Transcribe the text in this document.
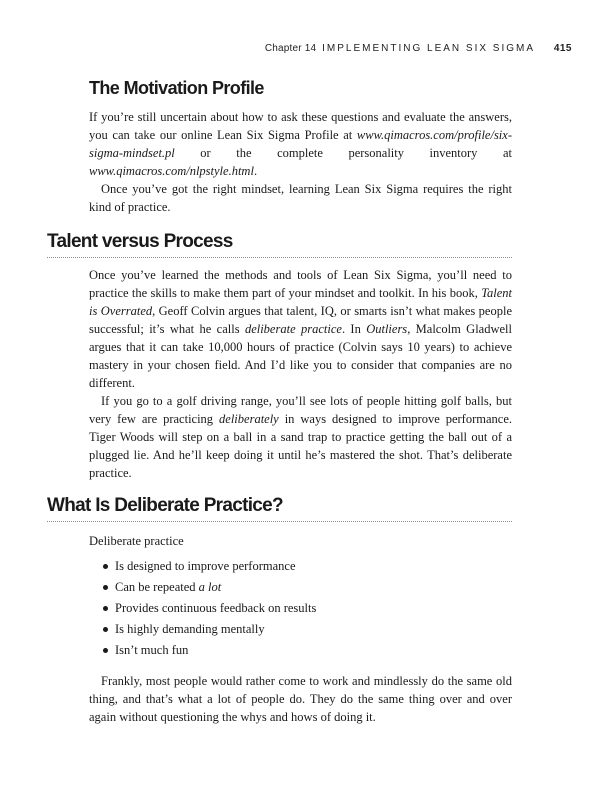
Chapter 14 IMPLEMENTING LEAN SIX SIGMA 415
The Motivation Profile

If you’re still uncertain about how to ask these questions and evaluate the answers, you can take our online Lean Six Sigma Profile at www.qimacros.com/profile/six-sigma-mindset.pl or the complete personality inventory at www.qimacros.com/nlpstyle.html.

Once you’ve got the right mindset, learning Lean Six Sigma requires the right kind of practice.

Talent versus Process

Once you’ve learned the methods and tools of Lean Six Sigma, you’ll need to practice the skills to make them part of your mindset and toolkit. In his book, Talent is Overrated, Geoff Colvin argues that talent, IQ, or smarts isn’t what makes people successful; it’s what he calls deliberate practice. In Outliers, Malcolm Gladwell argues that it can take 10,000 hours of practice (Colvin says 10 years) to achieve mastery in your chosen field. And I’d like you to consider that companies are no different.

If you go to a golf driving range, you’ll see lots of people hitting golf balls, but very few are practicing deliberately in ways designed to improve performance. Tiger Woods will step on a ball in a sand trap to practice getting the ball out of a plugged lie. And he’ll keep doing it until he’s mastered the shot. That’s deliberate practice.

What Is Deliberate Practice?

Deliberate practice

Is designed to improve performance
Can be repeated a lot
Provides continuous feedback on results
Is highly demanding mentally
Isn’t much fun

Frankly, most people would rather come to work and mindlessly do the same old thing, and that’s what a lot of people do. They do the same thing over and over again without questioning the whys and hows of doing it.
